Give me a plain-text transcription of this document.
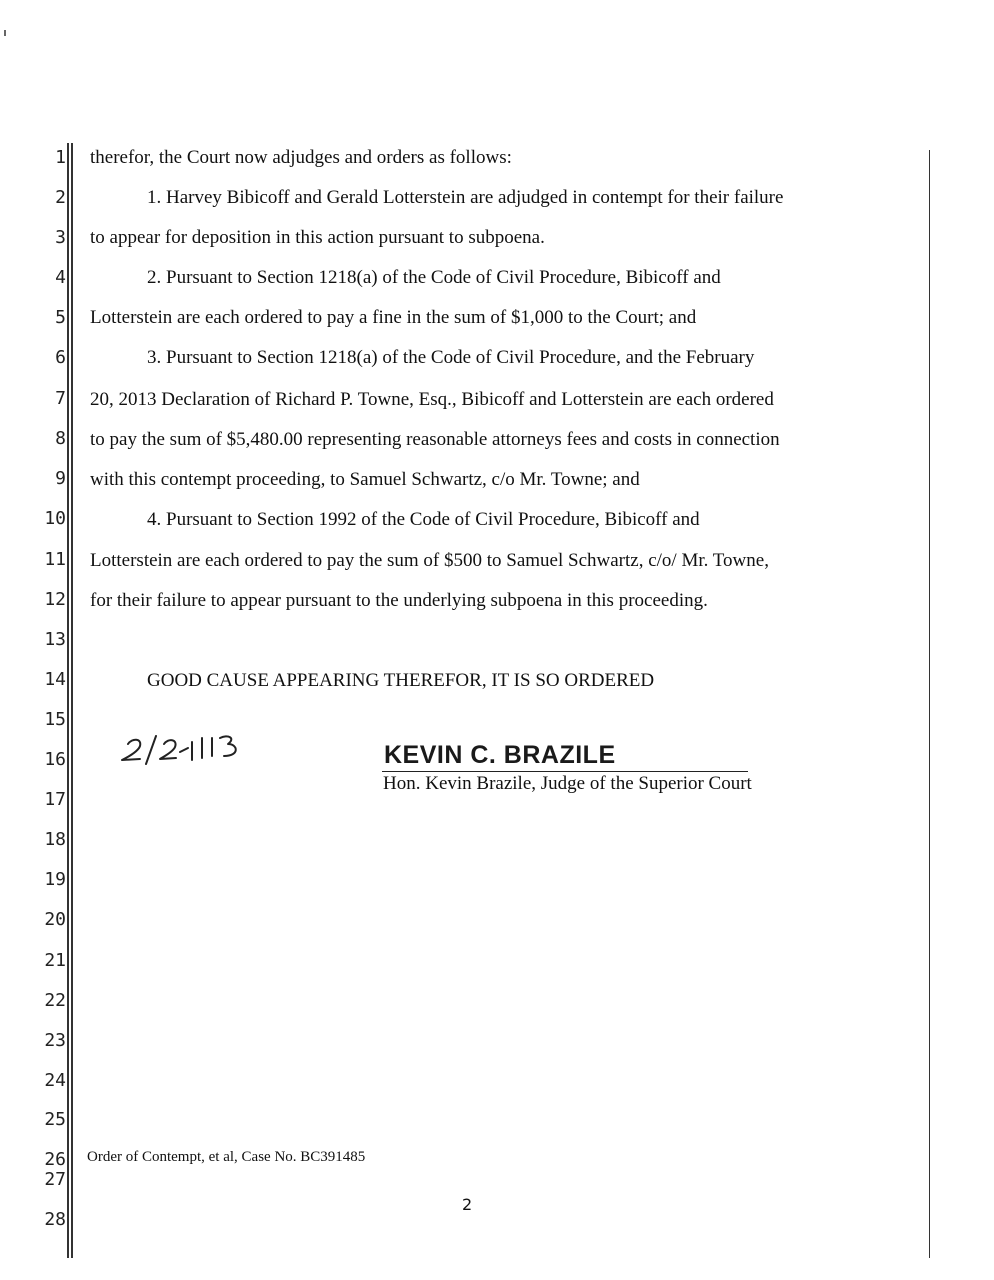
1
2
3
4
5
6
7
8
9
10
11
12
13
14
15
16
17
18
19
20
21
22
23
24
25
26
27
28
therefor, the Court now adjudges and orders as follows:
1. Harvey Bibicoff and Gerald Lotterstein are adjudged in contempt for their failure
to appear for deposition in this action pursuant to subpoena.
2. Pursuant to Section 1218(a) of the Code of Civil Procedure, Bibicoff and
Lotterstein are each ordered to pay a fine in the sum of $1,000 to the Court; and
3. Pursuant to Section 1218(a) of the Code of Civil Procedure, and the February
20, 2013 Declaration of Richard P. Towne, Esq., Bibicoff and Lotterstein are each ordered
to pay the sum of $5,480.00 representing reasonable attorneys fees and costs in connection
with this contempt proceeding, to Samuel Schwartz, c/o Mr. Towne; and
4. Pursuant to Section 1992 of the Code of Civil Procedure, Bibicoff and
Lotterstein are each ordered to pay the sum of $500 to Samuel Schwartz, c/o/ Mr. Towne,
for their failure to appear pursuant to the underlying subpoena in this proceeding.
GOOD CAUSE APPEARING THEREFOR, IT IS SO ORDERED
KEVIN C. BRAZILE
Hon. Kevin Brazile, Judge of the Superior Court
Order of Contempt, et al, Case No. BC391485
2
